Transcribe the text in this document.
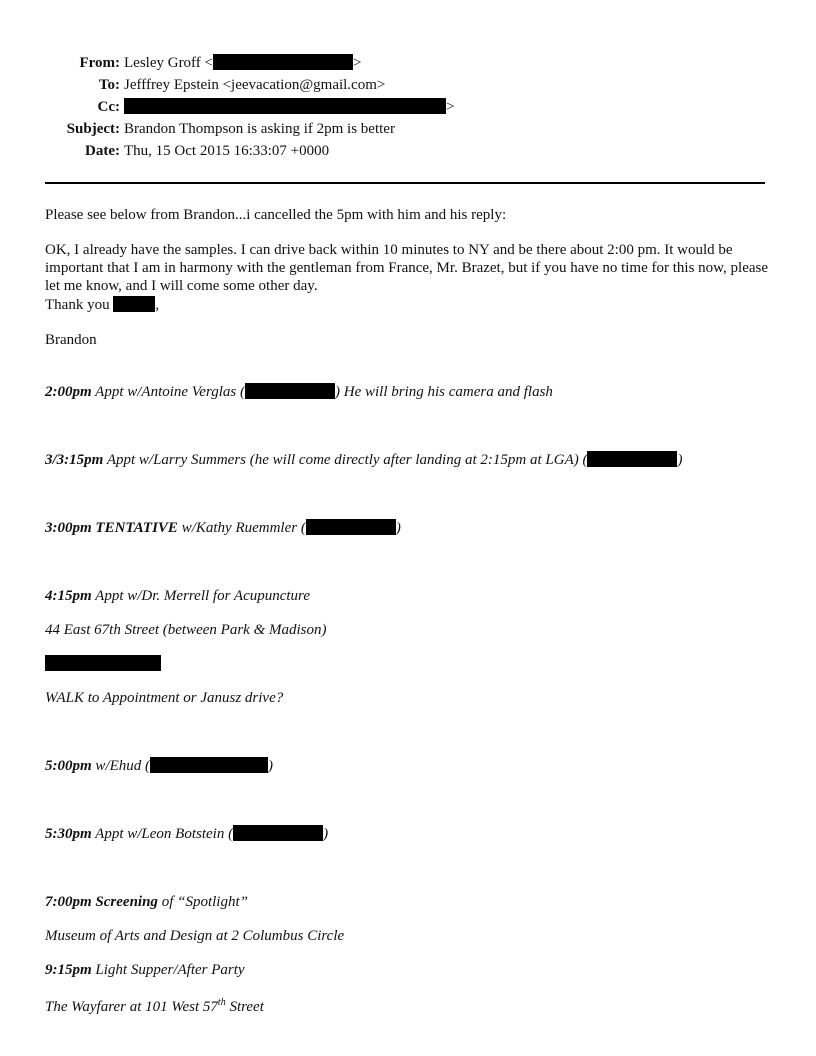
From: Lesley Groff <	>
To: Jefffrey Epstein <jeevacation@gmail.com>
Cc:	>
Subject: Brandon Thompson is asking if 2pm is better
Date: Thu, 15 Oct 2015 16:33:07 +0000
Please see below from Brandon...i cancelled the 5pm with him and his reply:
OK, I already have the samples. I can drive back within 10 minutes to NY and be there about 2:00 pm. It would be important that I am in harmony with the gentleman from France, Mr. Brazet, but if you have no time for this now, please let me know, and I will come some other day.
Thank you	,
Brandon
2:00pm Appt w/Antoine Verglas (	) He will bring his camera and flash
3/3:15pm Appt w/Larry Summers (he will come directly after landing at 2:15pm at LGA) (	)
3:00pm TENTATIVE w/Kathy Ruemmler (	)
4:15pm Appt w/Dr. Merrell for Acupuncture
44 East 67th Street (between Park & Madison)
WALK to Appointment or Janusz drive?
5:00pm w/Ehud (	)
5:30pm Appt w/Leon Botstein (	)
7:00pm Screening of “Spotlight”
Museum of Arts and Design at 2 Columbus Circle
9:15pm Light Supper/After Party
The Wayfarer at 101 West 57th Street
